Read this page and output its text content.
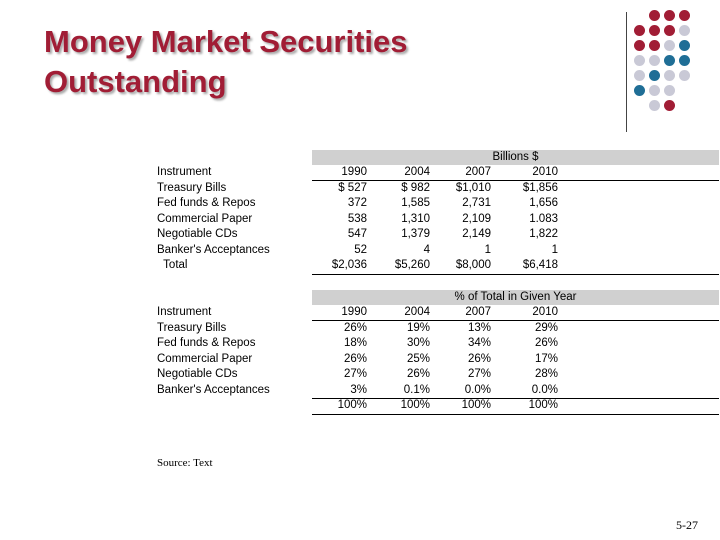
Money Market Securities
Outstanding
Billions $
Instrument
Treasury Bills
Fed funds & Repos
Commercial Paper
Negotiable CDs
Banker's Acceptances
Total
1990
$ 527
372
538
547
52
$2,036
2004
$ 982
1,585
1,310
1,379
4
$5,260
2007
$1,010
2,731
2,109
2,149
1
$8,000
2010
$1,856
1,656
1.083
1,822
1
$6,418
% of Total in Given Year
Instrument
Treasury Bills
Fed funds & Repos
Commercial Paper
Negotiable CDs
Banker's Acceptances
1990
26%
18%
26%
27%
3%
100%
2004
19%
30%
25%
26%
0.1%
100%
2007
13%
34%
26%
27%
0.0%
100%
2010
29%
26%
17%
28%
0.0%
100%
Source: Text
5-27
